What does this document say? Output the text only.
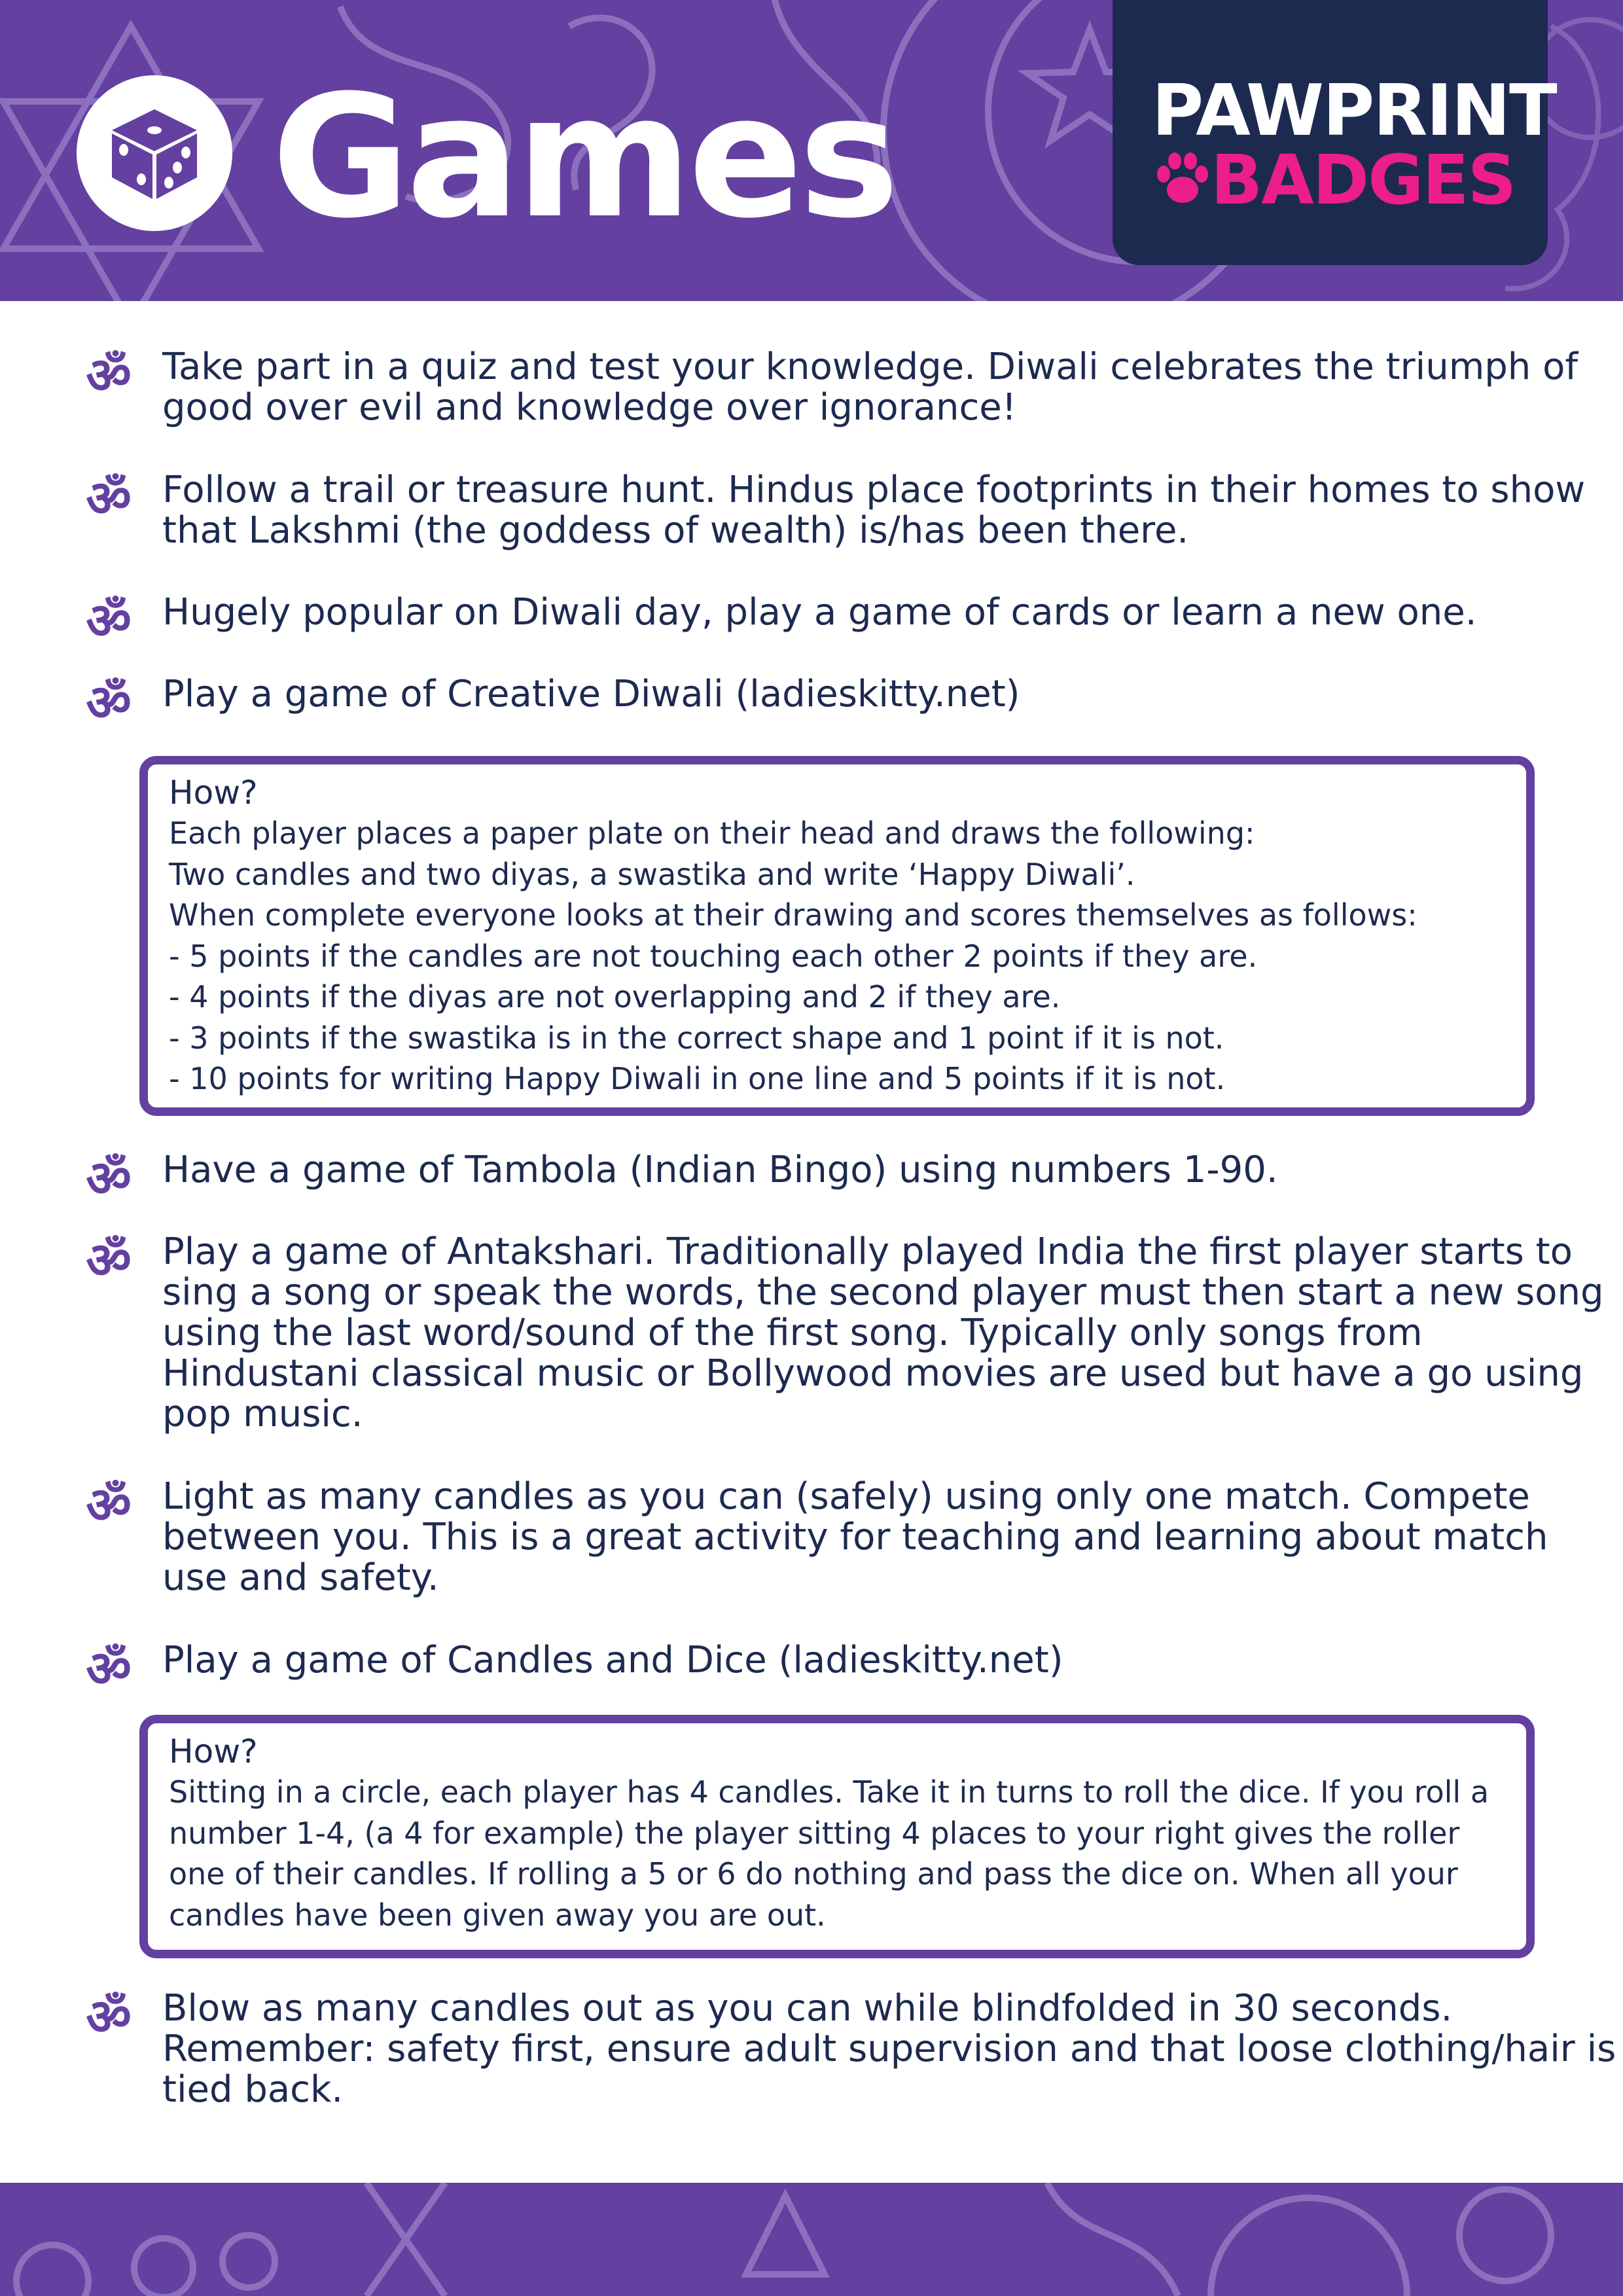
Games	PAWPRINT
BADGES
ॐ Take part in a quiz and test your knowledge. Diwali celebrates the triumph of good over evil and knowledge over ignorance!
ॐ Follow a trail or treasure hunt. Hindus place footprints in their homes to show that Lakshmi (the goddess of wealth) is/has been there.
ॐ Hugely popular on Diwali day, play a game of cards or learn a new one.
ॐ Play a game of Creative Diwali (ladieskitty.net)
How?
Each player places a paper plate on their head and draws the following:
Two candles and two diyas, a swastika and write ‘Happy Diwali’.
When complete everyone looks at their drawing and scores themselves as follows:
- 5 points if the candles are not touching each other 2 points if they are.
- 4 points if the diyas are not overlapping and 2 if they are.
- 3 points if the swastika is in the correct shape and 1 point if it is not.
- 10 points for writing Happy Diwali in one line and 5 points if it is not.
ॐ Have a game of Tambola (Indian Bingo) using numbers 1-90.
ॐ Play a game of Antakshari. Traditionally played India the first player starts to sing a song or speak the words, the second player must then start a new song using the last word/sound of the first song. Typically only songs from Hindustani classical music or Bollywood movies are used but have a go using pop music.
ॐ Light as many candles as you can (safely) using only one match. Compete between you. This is a great activity for teaching and learning about match use and safety.
ॐ Play a game of Candles and Dice (ladieskitty.net)
How?
Sitting in a circle, each player has 4 candles. Take it in turns to roll the dice. If you roll a number 1-4, (a 4 for example) the player sitting 4 places to your right gives the roller one of their candles. If rolling a 5 or 6 do nothing and pass the dice on. When all your candles have been given away you are out.
ॐ Blow as many candles out as you can while blindfolded in 30 seconds. Remember: safety first, ensure adult supervision and that loose clothing/hair is tied back.
